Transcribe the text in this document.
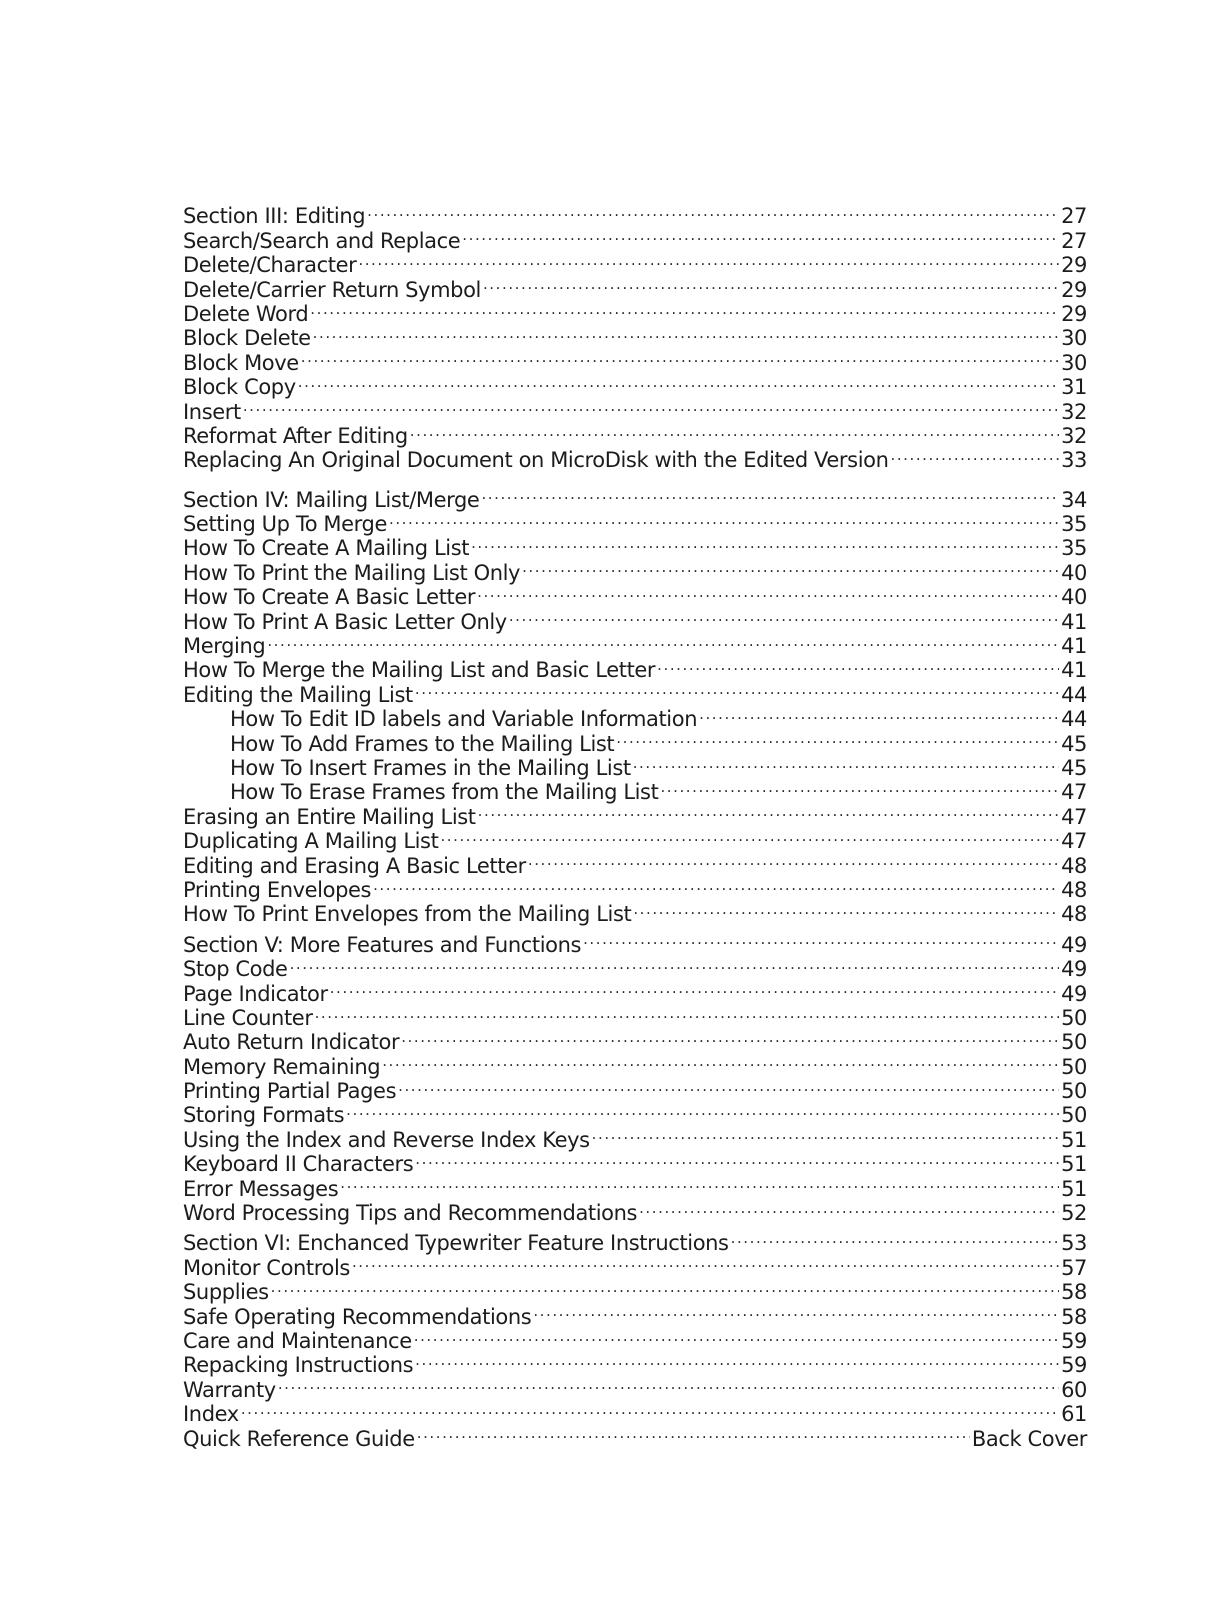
Section III: Editing . . .	27
Search/Search and Replace . . .	27
Delete/Character . . .	29
Delete/Carrier Return Symbol . . .	29
Delete Word . . .	29
Block Delete . . .	30
Block Move . . .	30
Block Copy . . .	31
Insert . . .	32
Reformat After Editing . . .	32
Replacing An Original Document on MicroDisk with the Edited Version . . .	33
Section IV: Mailing List/Merge . . .	34
Setting Up To Merge . . .	35
How To Create A Mailing List . . .	35
How To Print the Mailing List Only . . .	40
How To Create A Basic Letter . . .	40
How To Print A Basic Letter Only . . .	41
Merging . . .	41
How To Merge the Mailing List and Basic Letter . . .	41
Editing the Mailing List . . .	44
How To Edit ID labels and Variable Information . . .	44
How To Add Frames to the Mailing List . . .	45
How To Insert Frames in the Mailing List . . .	45
How To Erase Frames from the Mailing List . . .	47
Erasing an Entire Mailing List . . .	47
Duplicating A Mailing List . . .	47
Editing and Erasing A Basic Letter . . .	48
Printing Envelopes . . .	48
How To Print Envelopes from the Mailing List . . .	48
Section V: More Features and Functions . . .	49
Stop Code . . .	49
Page Indicator . . .	49
Line Counter . . .	50
Auto Return Indicator . . .	50
Memory Remaining . . .	50
Printing Partial Pages . . .	50
Storing Formats . . .	50
Using the Index and Reverse Index Keys . . .	51
Keyboard II Characters . . .	51
Error Messages . . .	51
Word Processing Tips and Recommendations . . .	52
Section VI: Enchanced Typewriter Feature Instructions . . .	53
Monitor Controls . . .	57
Supplies . . .	58
Safe Operating Recommendations . . .	58
Care and Maintenance . . .	59
Repacking Instructions . . .	59
Warranty . . .	60
Index . . .	61
Quick Reference Guide . . .	Back Cover
